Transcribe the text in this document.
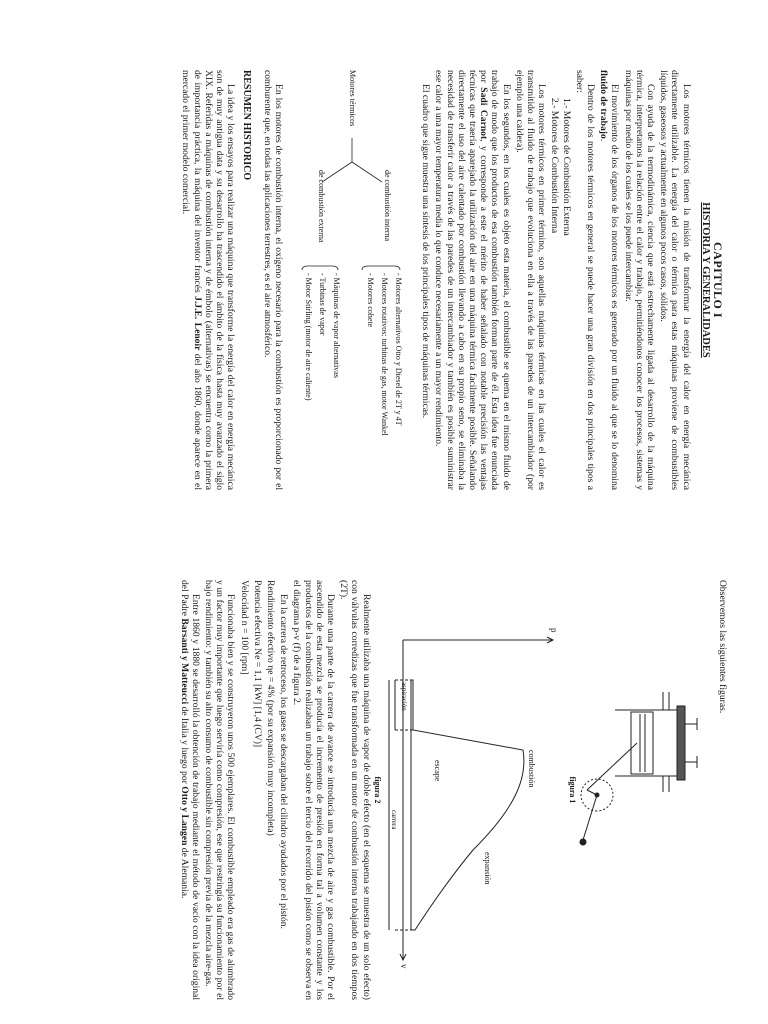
CAPITULO I
HISTORIA Y GENERALIDADES

Los motores térmicos tienen la misión de transformar la energía del calor en energía mecánica directamente utilizable. La energía del calor o térmica para estas máquinas proviene de combustibles líquidos, gaseosos y actualmente en algunos pocos casos, sólidos.

Con ayuda de la termodinámica, ciencia que está estrechamente ligada al desarrollo de la máquina térmica, interpretamos la relación entre el calor y trabajo, permitiéndonos conocer los procesos, sistemas y máquinas por medio de los cuales se los puede intercambiar.

El movimiento de los órganos de los motores térmicos es generado por un fluido al que se lo denomina fluido de trabajo.

Dentro de los motores térmicos en general se puede hacer una gran división en dos principales tipos a saber:

1.- Motores de Combustión Externa
2.- Motores de Combustión Interna

Los motores térmicos en primer término, son aquellas máquinas térmicas en las cuales el calor es transmitido al fluido de trabajo que evoluciona en ella a través de las paredes de un intercambiador (por ejemplo una caldera).

En los segundos, en los cuales es objeto esta materia, el combustible se quema en el mismo fluido de trabajo de modo que los productos de esa combustión también forman parte de él. Esta idea fue enunciada por Sadi Carnot, y corresponde a este el mérito de haber señalado con notable precisión las ventajas técnicas que traería aparejado la utilización del aire en una máquina térmica facilmente posible. Señalando directamente el uso del aire calentado por combustión llevando a cabo en su propio seno, se eliminaba la necesidad de transferir calor a través de las paredes de un intercambiador y también es posible suministrar ese calor a una mayor temperatura media lo que conduce necesariamente a un mayor rendimiento.

El cuadro que sigue muestra una síntesis de los principales tipos de máquinas térmicas.

Motores térmicos
de combustión interna
de combustión externa
- Motores alternativos Otto y Diesel de 2T y 4T
- Motores rotativos: turbinas de gas, motor Wankel
- Motores cohete
- Máquinas de vapor alternativas
- Turbinas de vapor
- Motor Stirling (motor de aire caliente)

En los motores de combustión interna, el oxígeno necesario para la combustión es proporcionado por el comburente que, en todas las aplicaciones terrestres, es el aire atmosférico.

RESUMEN HISTORICO

La idea y los ensayos para realizar una máquina que transforme la energía del calor en energía mecánica son de muy antigua data y su desarrollo ha trascendido el ámbito de la física hasta muy avanzado el siglo XIX. Referidas a máquinas de combustión interna y de émbolo (alternativas) se encuentra como la primera de importancia práctica, la máquina del inventor francés J.J.E. Lenoir del año 1860, donde aparece en el mercado el primer modelo comercial.

Observemos las siguientes figuras.

figura 1
p
v
combustión
expansión
escape
aspiración
carrera
figura 2

Realmente utilizaba una máquina de vapor de doble efecto (en el esquema se muestra de un solo efecto) con válvulas corredizas que fue transformada en un motor de combustión interna trabajando en dos tiempos (2T).

Durante una parte de la carrera de avance se introducía una mezcla de aire y gas combustible. Por el ascendido de esta mezcla se producía el incremento de presión en forma tal a volumen constante y los productos de la combustión realizaban un trabajo sobre el tercio del recorrido del pistón como se observa en el diagrama p-v (f) de a figura 2.

En la carrera de retroceso, los gases se descargaban del cilindro ayudados por el pistón.

Rendimiento efectivo ηe = 4% (por su expansión muy incompleta)

Potencia efectiva Ne = 1,1 [kW] [1,4 (CV)]

Velocidad n = 100 [rpm]

Funcionaba bien y se construyeron unos 500 ejemplares. El combustible empleado era gas de alumbrado y un factor muy importante que luego serviría como compresión, ese que restringía su funcionamiento por el bajo rendimiento: y también su alto consumo de combustible sin compresión previa de la mezcla aire-gas.

Entre 1860 y 1880 se desarrolló la obtención de trabajo mediante el método de vacío con la idea original del Padre Barsanti y Matteucci de Italia y luego por Otto y Langen de Alemania.
